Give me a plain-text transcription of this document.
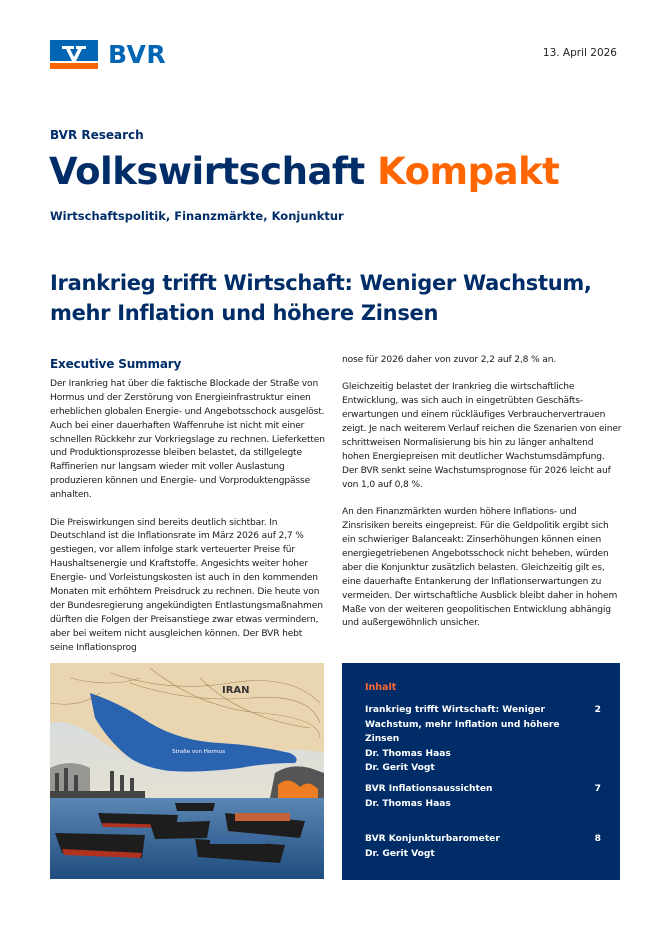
BVR	13. April 2026
BVR Research
Volkswirtschaft Kompakt
Wirtschaftspolitik, Finanzmärkte, Konjunktur
Irankrieg trifft Wirtschaft: Weniger Wachstum,
mehr Inflation und höhere Zinsen
Executive Summary

Der Irankrieg hat über die faktische Blockade der Straße von Hormus und der Zerstörung von Energieinfrastruktur einen erheblichen globalen Energie- und Angebotsschock ausgelöst. Auch bei einer dauerhaften Waffenruhe ist nicht mit einer schnellen Rückkehr zur Vorkriegslage zu rechnen. Lieferketten und Produktionsprozesse bleiben belastet, da stillgelegte Raffinerien nur langsam wieder mit voller Auslastung produzieren können und Energie- und Vorproduktengpässe anhalten.

Die Preiswirkungen sind bereits deutlich sichtbar. In Deutschland ist die Inflationsrate im März 2026 auf 2,7 % gestiegen, vor allem infolge stark verteuerter Preise für Haushaltsenergie und Kraftstoffe. Angesichts weiter hoher Energie- und Vorleistungskosten ist auch in den kommenden Monaten mit erhöhtem Preisdruck zu rechnen. Die heute von der Bundesregierung angekündigten Entlastungsmaßnahmen dürften die Folgen der Preisanstiege zwar etwas vermindern, aber bei weitem nicht ausgleichen können. Der BVR hebt seine Inflationsprog

nose für 2026 daher von zuvor 2,2 auf 2,8 % an.

Gleichzeitig belastet der Irankrieg die wirtschaftliche Entwicklung, was sich auch in eingetrübten Geschäftserwartungen und einem rückläufiges Verbrauchervertrauen zeigt. Je nach weiterem Verlauf reichen die Szenarien von einer schrittweisen Normalisierung bis hin zu länger anhaltend hohen Energiepreisen mit deutlicher Wachstumsdämpfung. Der BVR senkt seine Wachstumsprognose für 2026 leicht auf von 1,0 auf 0,8 %.

An den Finanzmärkten wurden höhere Inflations- und Zinsrisiken bereits eingepreist. Für die Geldpolitik ergibt sich ein schwieriger Balanceakt: Zinserhöhungen können einen energiegetriebenen Angebotsschock nicht beheben, würden aber die Konjunktur zusätzlich belasten. Gleichzeitig gilt es, eine dauerhafte Entankerung der Inflationserwartungen zu vermeiden. Der wirtschaftliche Ausblick bleibt daher in hohem Maße von der weiteren geopolitischen Entwicklung abhängig und außergewöhnlich unsicher.

IRAN
Straße von Hormus
Inhalt
Irankrieg trifft Wirtschaft: Weniger Wachstum, mehr Inflation und höhere Zinsen
2
Dr. Thomas Haas
Dr. Gerit Vogt
BVR Inflationsaussichten	7
Dr. Thomas Haas
BVR Konjunkturbarometer	8
Dr. Gerit Vogt
